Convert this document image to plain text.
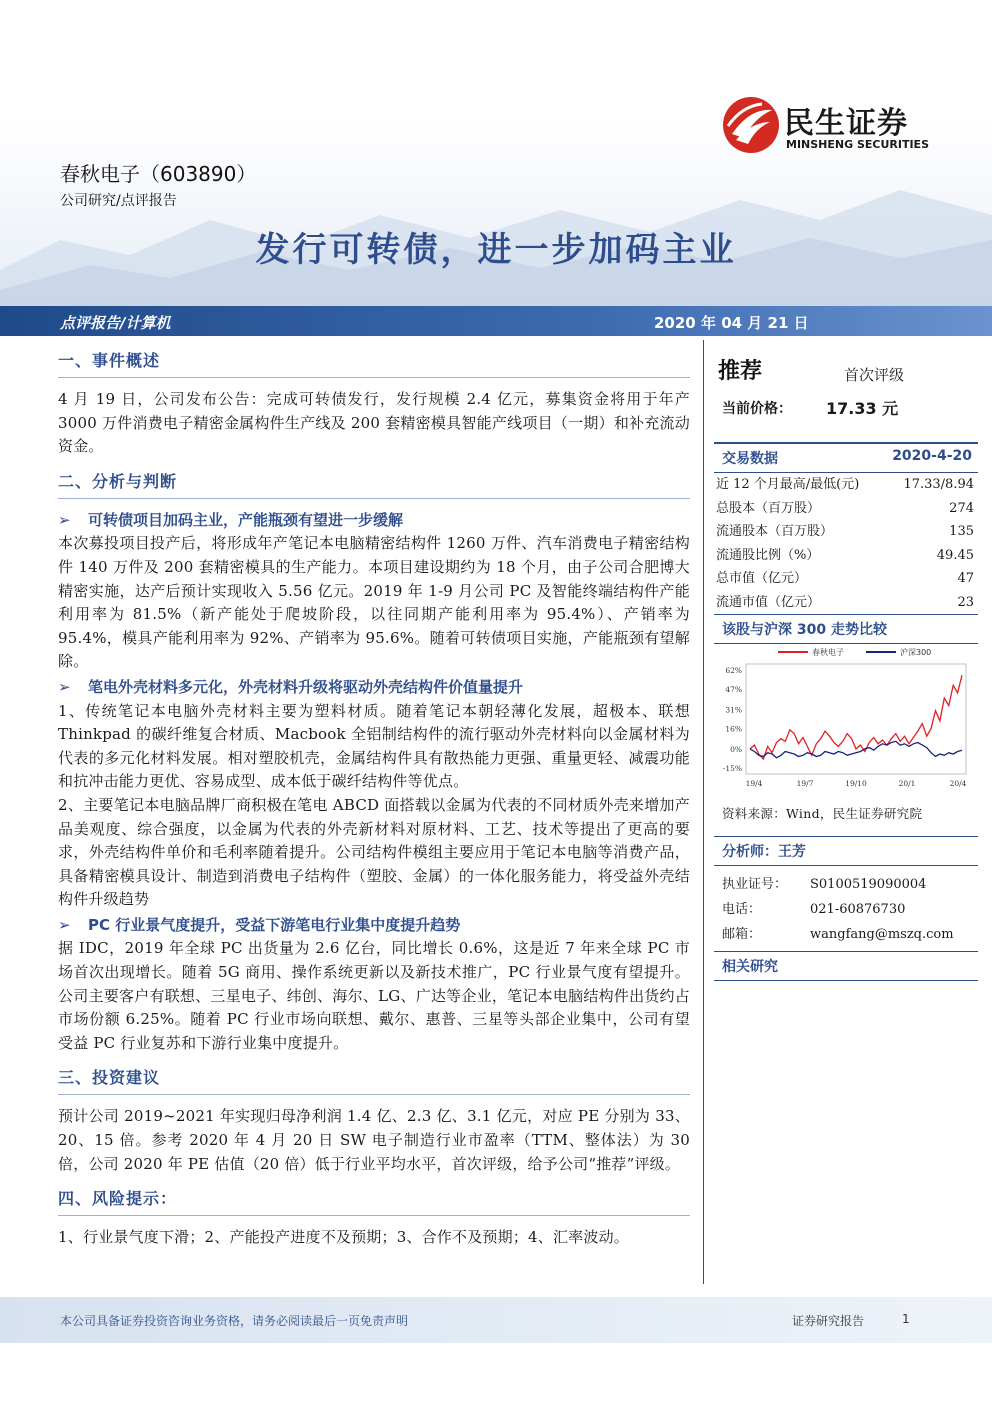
民生证券
MINSHENG SECURITIES
春秋电子（603890）
公司研究/点评报告
发行可转债，进一步加码主业
点评报告/计算机	2020 年 04 月 21 日
一、事件概述
4 月 19 日，公司发布公告：完成可转债发行，发行规模 2.4 亿元，募集资金将用于年产 3000 万件消费电子精密金属构件生产线及 200 套精密模具智能产线项目（一期）和补充流动资金。
二、分析与判断
➢ 可转债项目加码主业，产能瓶颈有望进一步缓解
本次募投项目投产后，将形成年产笔记本电脑精密结构件 1260 万件、汽车消费电子精密结构件 140 万件及 200 套精密模具的生产能力。本项目建设期约为 18 个月，由子公司合肥博大精密实施，达产后预计实现收入 5.56 亿元。2019 年 1-9 月公司 PC 及智能终端结构件产能利用率为 81.5%（新产能处于爬坡阶段，以往同期产能利用率为 95.4%）、产销率为 95.4%，模具产能利用率为 92%、产销率为 95.6%。随着可转债项目实施，产能瓶颈有望解除。
➢ 笔电外壳材料多元化，外壳材料升级将驱动外壳结构件价值量提升
1、传统笔记本电脑外壳材料主要为塑料材质。随着笔记本朝轻薄化发展，超极本、联想 Thinkpad 的碳纤维复合材质、Macbook 全铝制结构件的流行驱动外壳材料向以金属材料为代表的多元化材料发展。相对塑胶机壳，金属结构件具有散热能力更强、重量更轻、减震功能和抗冲击能力更优、容易成型、成本低于碳纤结构件等优点。
2、主要笔记本电脑品牌厂商积极在笔电 ABCD 面搭载以金属为代表的不同材质外壳来增加产品美观度、综合强度，以金属为代表的外壳新材料对原材料、工艺、技术等提出了更高的要求，外壳结构件单价和毛利率随着提升。公司结构件模组主要应用于笔记本电脑等消费产品，具备精密模具设计、制造到消费电子结构件（塑胶、金属）的一体化服务能力，将受益外壳结构件升级趋势
➢ PC 行业景气度提升，受益下游笔电行业集中度提升趋势
据 IDC，2019 年全球 PC 出货量为 2.6 亿台，同比增长 0.6%，这是近 7 年来全球 PC 市场首次出现增长。随着 5G 商用、操作系统更新以及新技术推广，PC 行业景气度有望提升。公司主要客户有联想、三星电子、纬创、海尔、LG、广达等企业，笔记本电脑结构件出货约占市场份额 6.25%。随着 PC 行业市场向联想、戴尔、惠普、三星等头部企业集中，公司有望受益 PC 行业复苏和下游行业集中度提升。
三、投资建议
预计公司 2019~2021 年实现归母净利润 1.4 亿、2.3 亿、3.1 亿元，对应 PE 分别为 33、20、15 倍。参考 2020 年 4 月 20 日 SW 电子制造行业市盈率（TTM、整体法）为 30 倍，公司 2020 年 PE 估值（20 倍）低于行业平均水平，首次评级，给予公司“推荐”评级。
四、风险提示：
1、行业景气度下滑；2、产能投产进度不及预期；3、合作不及预期；4、汇率波动。
推荐	首次评级
当前价格： 17.33 元
交易数据	2020-4-20
近 12 个月最高/最低(元)	17.33/8.94
总股本（百万股）	274
流通股本（百万股）	135
流通股比例（%）	49.45
总市值（亿元）	47
流通市值（亿元）	23
该股与沪深 300 走势比较
春秋电子	沪深300
62%
47%
31%
16%
0%
-15%
19/4	19/7	19/10	20/1	20/4
资料来源：Wind，民生证券研究院
分析师：王芳
执业证号：	S0100519090004
电话：	021-60876730
邮箱：	wangfang@mszq.com
相关研究
本公司具备证券投资咨询业务资格，请务必阅读最后一页免责声明	证券研究报告	1
